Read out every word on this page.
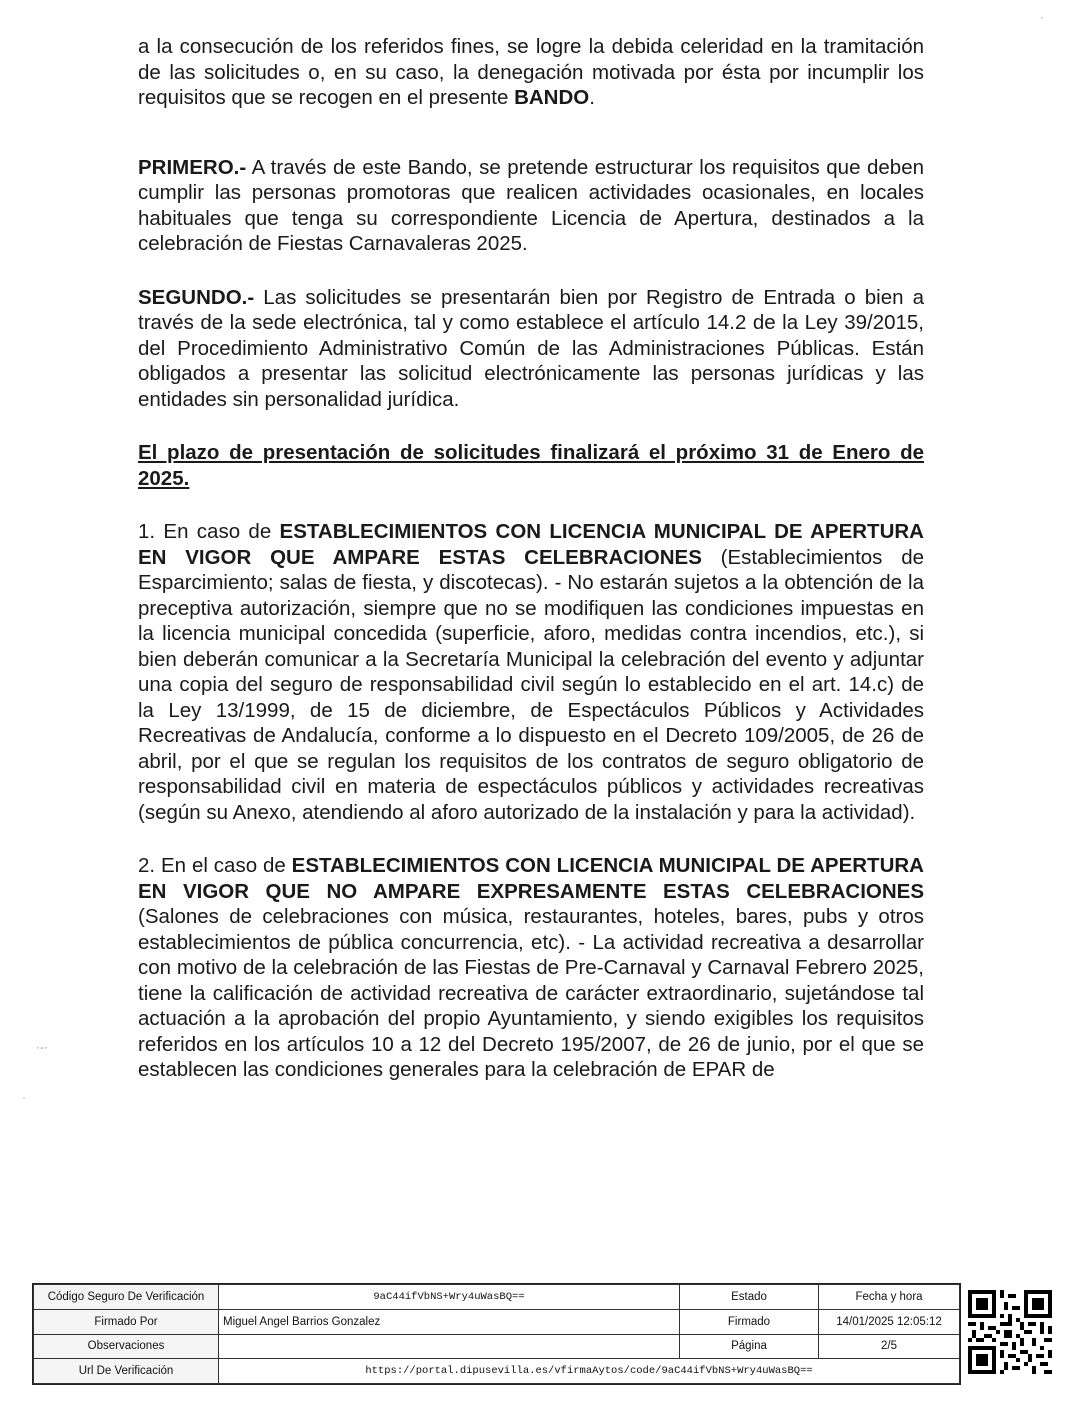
a la consecución de los referidos fines, se logre la debida celeridad en la tramitación de las solicitudes o, en su caso, la denegación motivada por ésta por incumplir los requisitos que se recogen en el presente BANDO.

PRIMERO.- A través de este Bando, se pretende estructurar los requisitos que deben cumplir las personas promotoras que realicen actividades ocasionales, en locales habituales que tenga su correspondiente Licencia de Apertura, destinados a la celebración de Fiestas Carnavaleras 2025.

SEGUNDO.- Las solicitudes se presentarán bien por Registro de Entrada o bien a través de la sede electrónica, tal y como establece el artículo 14.2 de la Ley 39/2015, del Procedimiento Administrativo Común de las Administraciones Públicas. Están obligados a presentar las solicitud electrónicamente las personas jurídicas y las entidades sin personalidad jurídica.

El plazo de presentación de solicitudes finalizará el próximo 31 de Enero de 2025.

1. En caso de ESTABLECIMIENTOS CON LICENCIA MUNICIPAL DE APERTURA EN VIGOR QUE AMPARE ESTAS CELEBRACIONES (Establecimientos de Esparcimiento; salas de fiesta, y discotecas). - No estarán sujetos a la obtención de la preceptiva autorización, siempre que no se modifiquen las condiciones impuestas en la licencia municipal concedida (superficie, aforo, medidas contra incendios, etc.), si bien deberán comunicar a la Secretaría Municipal la celebración del evento y adjuntar una copia del seguro de responsabilidad civil según lo establecido en el art. 14.c) de la Ley 13/1999, de 15 de diciembre, de Espectáculos Públicos y Actividades Recreativas de Andalucía, conforme a lo dispuesto en el Decreto 109/2005, de 26 de abril, por el que se regulan los requisitos de los contratos de seguro obligatorio de responsabilidad civil en materia de espectáculos públicos y actividades recreativas (según su Anexo, atendiendo al aforo autorizado de la instalación y para la actividad).

2. En el caso de ESTABLECIMIENTOS CON LICENCIA MUNICIPAL DE APERTURA EN VIGOR QUE NO AMPARE EXPRESAMENTE ESTAS CELEBRACIONES (Salones de celebraciones con música, restaurantes, hoteles, bares, pubs y otros establecimientos de pública concurrencia, etc). - La actividad recreativa a desarrollar con motivo de la celebración de las Fiestas de Pre-Carnaval y Carnaval Febrero 2025, tiene la calificación de actividad recreativa de carácter extraordinario, sujetándose tal actuación a la aprobación del propio Ayuntamiento, y siendo exigibles los requisitos referidos en los artículos 10 a 12 del Decreto 195/2007, de 26 de junio, por el que se establecen las condiciones generales para la celebración de EPAR de

·-·
·
·
Código Seguro De Verificación	9aC44ifVbNS+Wry4uWasBQ==	Estado	Fecha y hora
Firmado Por	Miguel Angel Barrios Gonzalez	Firmado	14/01/2025 12:05:12
Observaciones		Página	2/5
Url De Verificación	https://portal.dipusevilla.es/vfirmaAytos/code/9aC44ifVbNS+Wry4uWasBQ==		
